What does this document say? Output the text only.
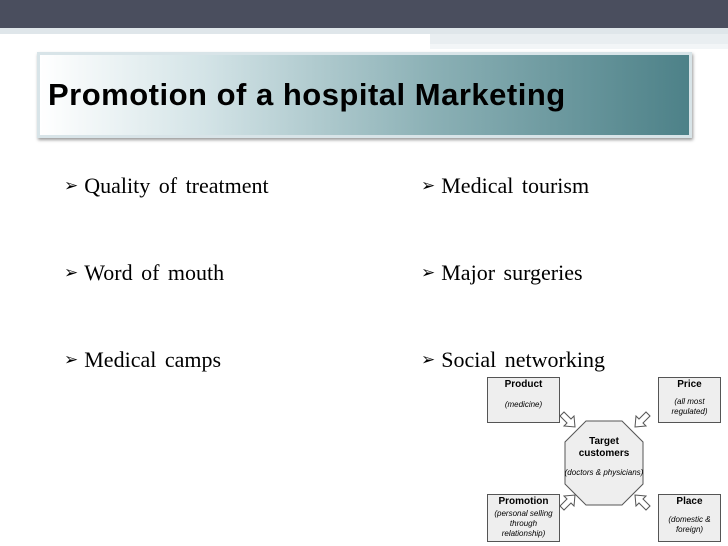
Promotion of a hospital Marketing
➢ Quality of treatment
➢ Word of mouth
➢ Medical camps
➢ Medical tourism
➢ Major surgeries
➢ Social networking
Product
(medicine)
Price
(all most regulated)
Promotion
(personal selling through relationship)
Place
(domestic & foreign)
Target customers
(doctors & physicians)
